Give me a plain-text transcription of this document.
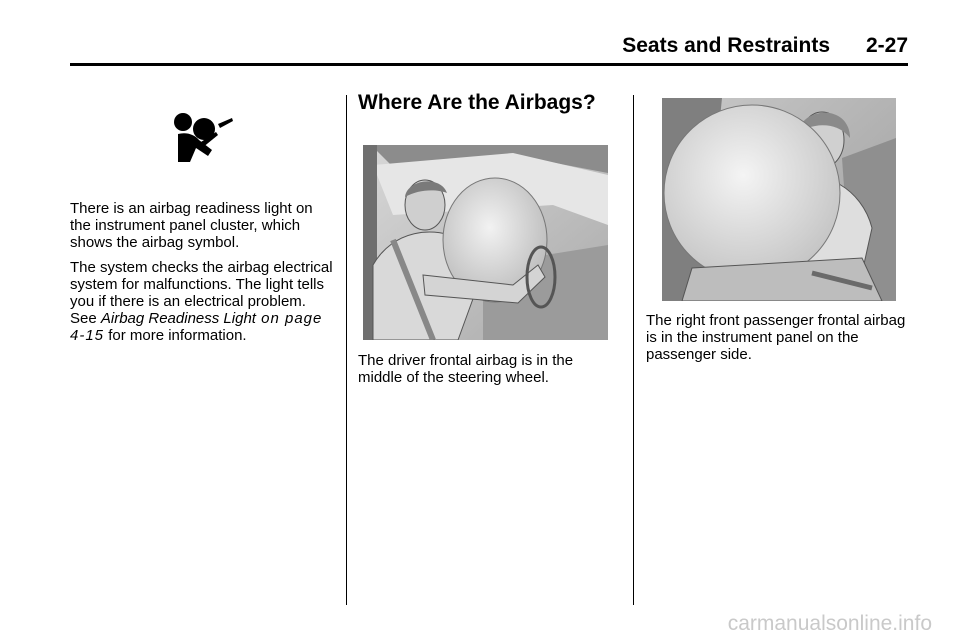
Seats and Restraints 2-27

There is an airbag readiness light on the instrument panel cluster, which shows the airbag symbol.

The system checks the airbag electrical system for malfunctions. The light tells you if there is an electrical problem. See Airbag Readiness Light on page 4‑15 for more information.

Where Are the Airbags?

The driver frontal airbag is in the middle of the steering wheel.

The right front passenger frontal airbag is in the instrument panel on the passenger side.

carmanualsonline.info
